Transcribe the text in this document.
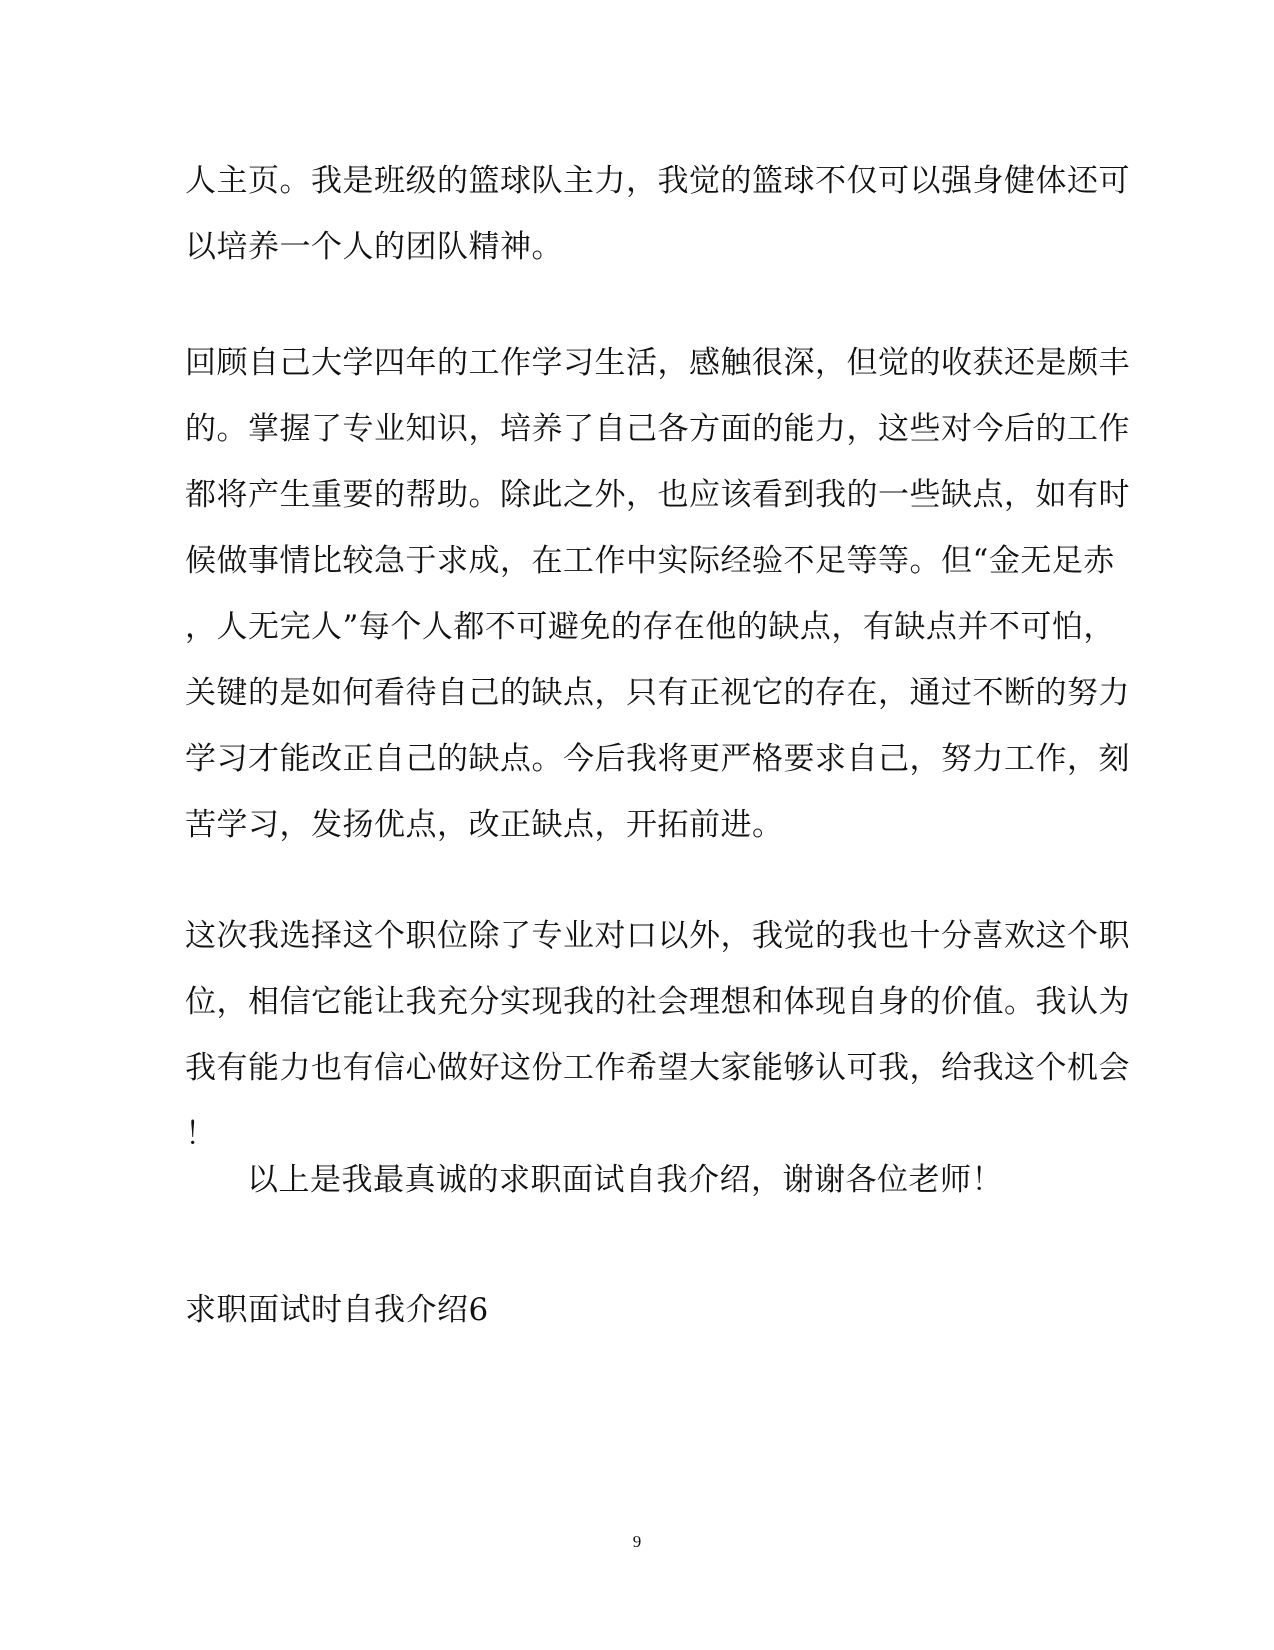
人主页。我是班级的篮球队主力，我觉的篮球不仅可以强身健体还可
以培养一个人的团队精神。
回顾自己大学四年的工作学习生活，感触很深，但觉的收获还是颇丰
的。掌握了专业知识，培养了自己各方面的能力，这些对今后的工作
都将产生重要的帮助。除此之外，也应该看到我的一些缺点，如有时
候做事情比较急于求成，在工作中实际经验不足等等。但“金无足赤
，人无完人”每个人都不可避免的存在他的缺点，有缺点并不可怕，
关键的是如何看待自己的缺点，只有正视它的存在，通过不断的努力
学习才能改正自己的缺点。今后我将更严格要求自己，努力工作，刻
苦学习，发扬优点，改正缺点，开拓前进。
这次我选择这个职位除了专业对口以外，我觉的我也十分喜欢这个职
位，相信它能让我充分实现我的社会理想和体现自身的价值。我认为
我有能力也有信心做好这份工作希望大家能够认可我，给我这个机会
！
以上是我最真诚的求职面试自我介绍，谢谢各位老师！
求职面试时自我介绍6
9
